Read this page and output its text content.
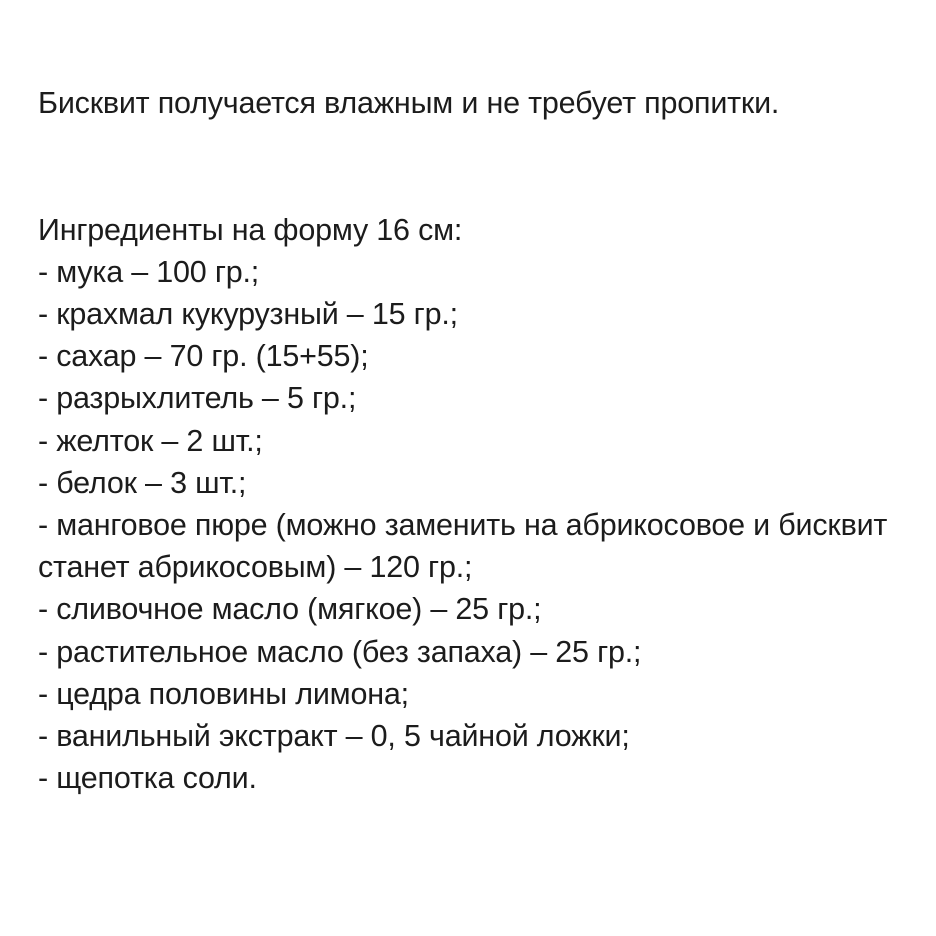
Бисквит получается влажным и не требует пропитки.

Ингредиенты на форму 16 см:

- мука – 100 гр.;
- крахмал кукурузный – 15 гр.;
- сахар – 70 гр. (15+55);
- разрыхлитель – 5 гр.;
- желток – 2 шт.;
- белок – 3 шт.;
- манговое пюре (можно заменить на абрикосовое и бисквит станет абрикосовым) – 120 гр.;
- сливочное масло (мягкое) – 25 гр.;
- растительное масло (без запаха) – 25 гр.;
- цедра половины лимона;
- ванильный экстракт – 0, 5 чайной ложки;
- щепотка соли.
